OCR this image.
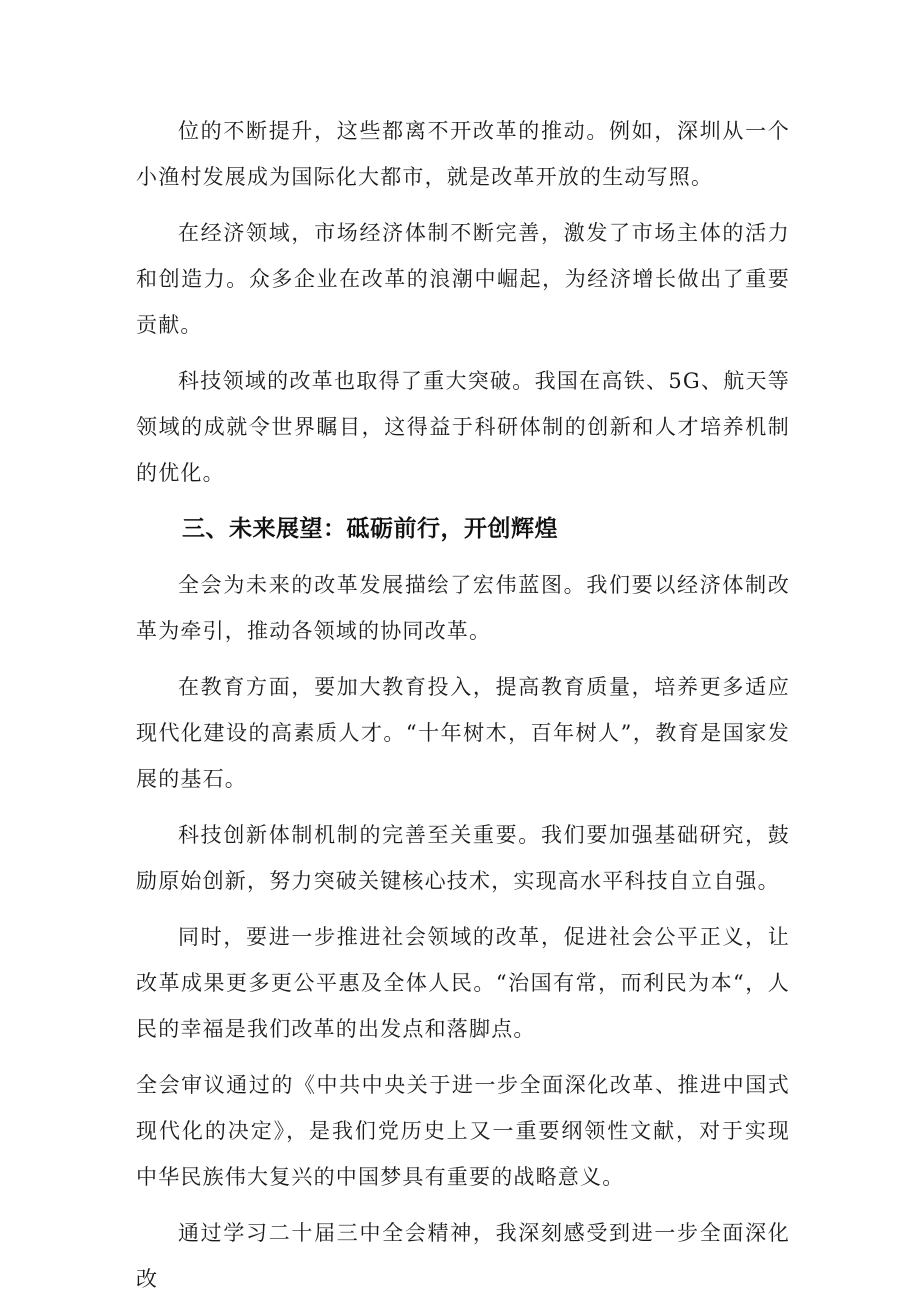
位的不断提升，这些都离不开改革的推动。例如，深圳从一个小渔村发展成为国际化大都市，就是改革开放的生动写照。

在经济领域，市场经济体制不断完善，激发了市场主体的活力和创造力。众多企业在改革的浪潮中崛起，为经济增长做出了重要贡献。

科技领域的改革也取得了重大突破。我国在高铁、5G、航天等领域的成就令世界瞩目，这得益于科研体制的创新和人才培养机制的优化。

三、未来展望：砥砺前行，开创辉煌

全会为未来的改革发展描绘了宏伟蓝图。我们要以经济体制改革为牵引，推动各领域的协同改革。

在教育方面，要加大教育投入，提高教育质量，培养更多适应现代化建设的高素质人才。“十年树木，百年树人”，教育是国家发展的基石。

科技创新体制机制的完善至关重要。我们要加强基础研究，鼓励原始创新，努力突破关键核心技术，实现高水平科技自立自强。

同时，要进一步推进社会领域的改革，促进社会公平正义，让改革成果更多更公平惠及全体人民。“治国有常，而利民为本“，人民的幸福是我们改革的出发点和落脚点。

全会审议通过的《中共中央关于进一步全面深化改革、推进中国式现代化的决定》，是我们党历史上又一重要纲领性文献，对于实现中华民族伟大复兴的中国梦具有重要的战略意义。

通过学习二十届三中全会精神，我深刻感受到进一步全面深化改
